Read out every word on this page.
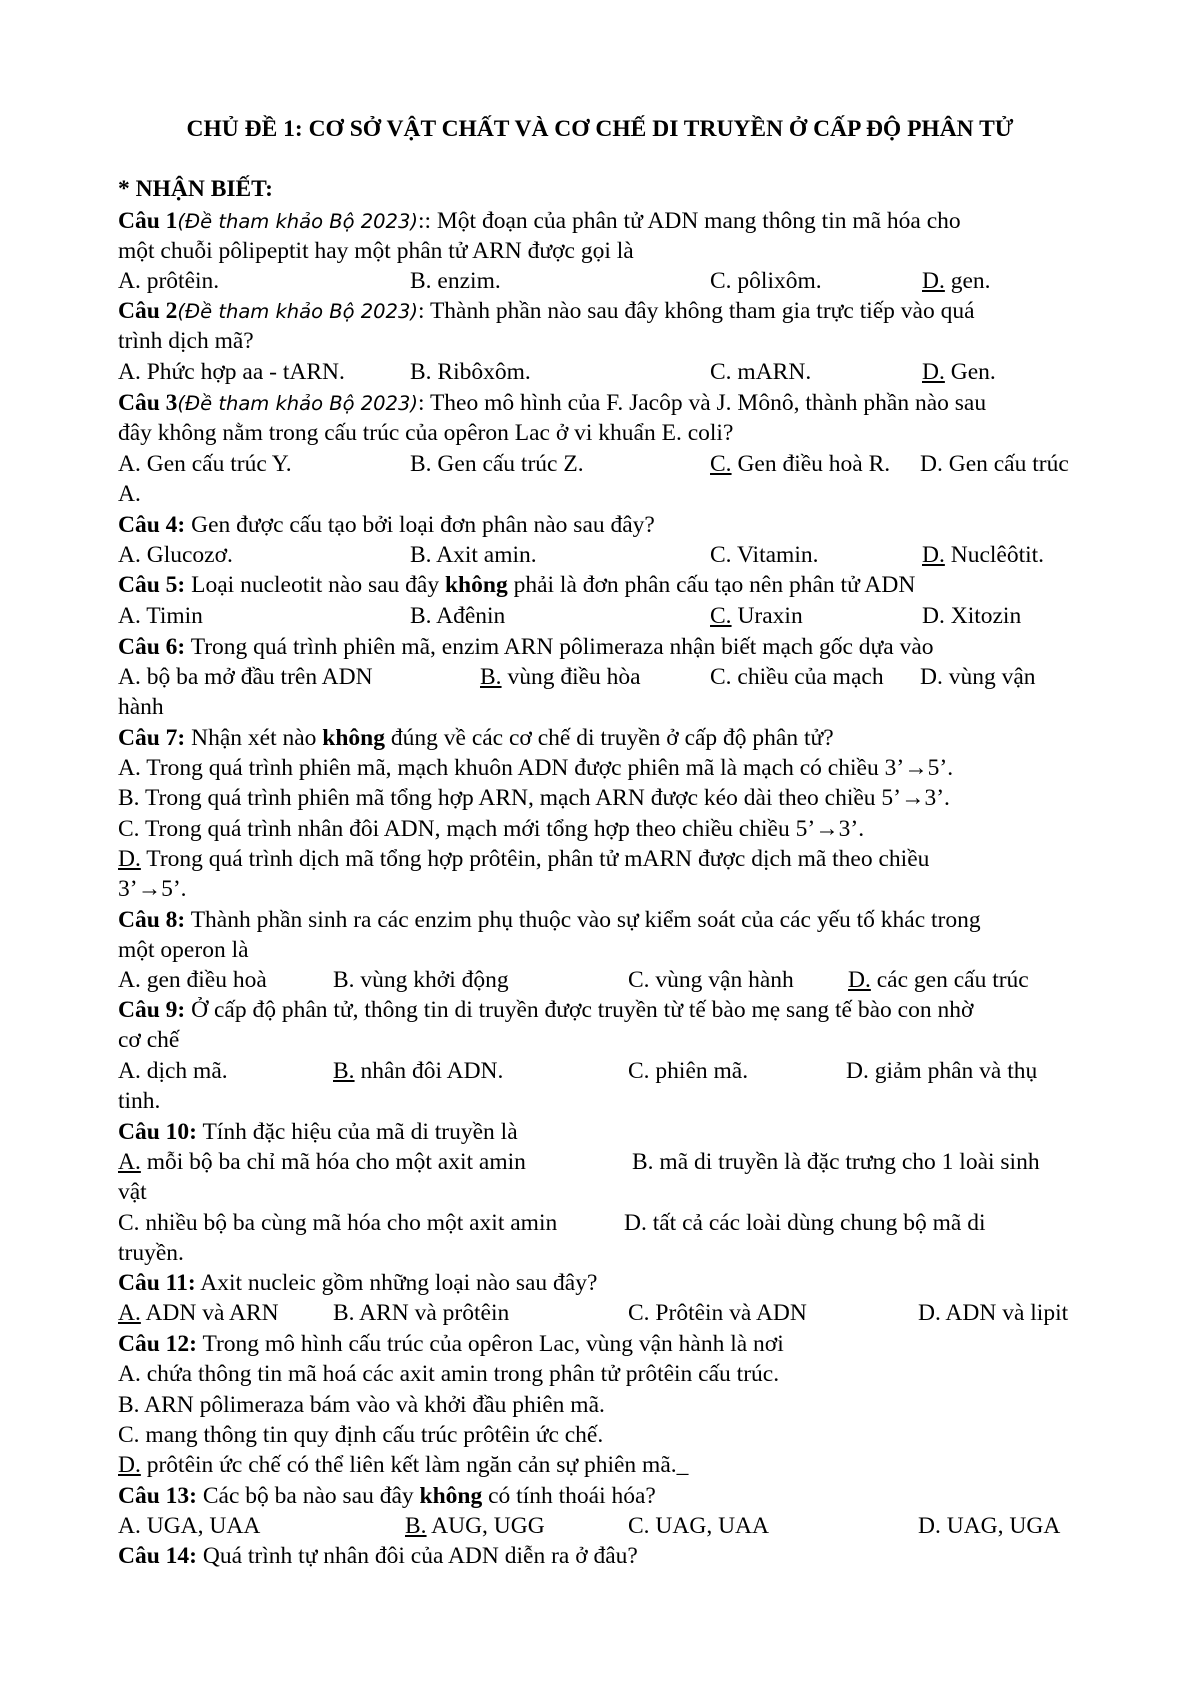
CHỦ ĐỀ 1: CƠ SỞ VẬT CHẤT VÀ CƠ CHẾ DI TRUYỀN Ở CẤP ĐỘ PHÂN TỬ
* NHẬN BIẾT:
Câu 1(Đề tham khảo Bộ 2023):: Một đoạn của phân tử ADN mang thông tin mã hóa cho
một chuỗi pôlipeptit hay một phân tử ARN được gọi là
A. prôtêin.	B. enzim.	C. pôlixôm.	D. gen.
Câu 2(Đề tham khảo Bộ 2023): Thành phần nào sau đây không tham gia trực tiếp vào quá
trình dịch mã?
A. Phức hợp aa - tARN.	B. Ribôxôm.	C. mARN.	D. Gen.
Câu 3(Đề tham khảo Bộ 2023): Theo mô hình của F. Jacôp và J. Mônô, thành phần nào sau
đây không nằm trong cấu trúc của opêron Lac ở vi khuẩn E. coli?
A. Gen cấu trúc Y.	B. Gen cấu trúc Z.	C. Gen điều hoà R. D. Gen cấu trúc
A.
Câu 4: Gen được cấu tạo bởi loại đơn phân nào sau đây?
A. Glucozơ.	B. Axit amin.	C. Vitamin.	D. Nuclêôtit.
Câu 5: Loại nucleotit nào sau đây không phải là đơn phân cấu tạo nên phân tử ADN
A. Timin	B. Ađênin	C. Uraxin	D. Xitozin
Câu 6: Trong quá trình phiên mã, enzim ARN pôlimeraza nhận biết mạch gốc dựa vào
A. bộ ba mở đầu trên ADN	B. vùng điều hòa	C. chiều của mạch D. vùng vận
hành
Câu 7: Nhận xét nào không đúng về các cơ chế di truyền ở cấp độ phân tử?
A. Trong quá trình phiên mã, mạch khuôn ADN được phiên mã là mạch có chiều 3’→5’.
B. Trong quá trình phiên mã tổng hợp ARN, mạch ARN được kéo dài theo chiều 5’→3’.
C. Trong quá trình nhân đôi ADN, mạch mới tổng hợp theo chiều chiều 5’→3’.
D. Trong quá trình dịch mã tổng hợp prôtêin, phân tử mARN được dịch mã theo chiều
3’→5’.
Câu 8: Thành phần sinh ra các enzim phụ thuộc vào sự kiểm soát của các yếu tố khác trong
một operon là
A. gen điều hoà	B. vùng khởi động	C. vùng vận hành D. các gen cấu trúc
Câu 9: Ở cấp độ phân tử, thông tin di truyền được truyền từ tế bào mẹ sang tế bào con nhờ
cơ chế
A. dịch mã.	B. nhân đôi ADN.	C. phiên mã.	D. giảm phân và thụ
tinh.
Câu 10: Tính đặc hiệu của mã di truyền là
A. mỗi bộ ba chỉ mã hóa cho một axit amin	B. mã di truyền là đặc trưng cho 1 loài sinh
vật
C. nhiều bộ ba cùng mã hóa cho một axit amin	D. tất cả các loài dùng chung bộ mã di
truyền.
Câu 11: Axit nucleic gồm những loại nào sau đây?
A. ADN và ARN B. ARN và prôtêin	C. Prôtêin và ADN	D. ADN và lipit
Câu 12: Trong mô hình cấu trúc của opêron Lac, vùng vận hành là nơi
A. chứa thông tin mã hoá các axit amin trong phân tử prôtêin cấu trúc.
B. ARN pôlimeraza bám vào và khởi đầu phiên mã.
C. mang thông tin quy định cấu trúc prôtêin ức chế.
D. prôtêin ức chế có thể liên kết làm ngăn cản sự phiên mã._
Câu 13: Các bộ ba nào sau đây không có tính thoái hóa?
A. UGA, UAA	B. AUG, UGG	C. UAG, UAA	D. UAG, UGA
Câu 14: Quá trình tự nhân đôi của ADN diễn ra ở đâu?
